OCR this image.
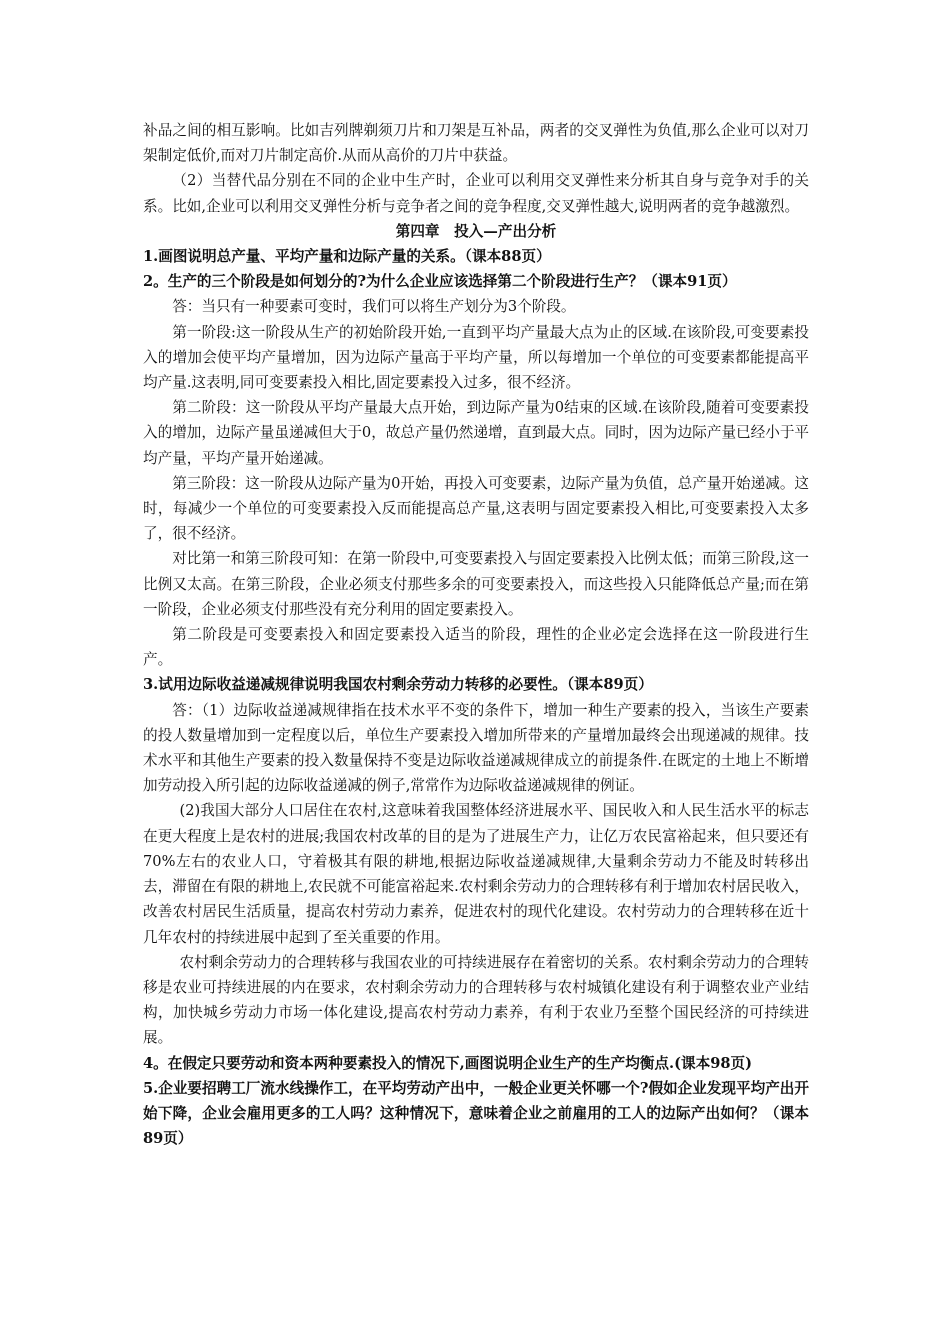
补品之间的相互影响。比如吉列牌剃须刀片和刀架是互补品，两者的交叉弹性为负值,那么企业可以对刀架制定低价,而对刀片制定高价.从而从高价的刀片中获益。

（2）当替代品分别在不同的企业中生产时，企业可以利用交叉弹性来分析其自身与竞争对手的关系。比如,企业可以利用交叉弹性分析与竞争者之间的竞争程度,交叉弹性越大,说明两者的竞争越激烈。

第四章　投入—产出分析

1.画图说明总产量、平均产量和边际产量的关系。（课本88页）

2。生产的三个阶段是如何划分的?为什么企业应该选择第二个阶段进行生产？（课本91页）

答：当只有一种要素可变时，我们可以将生产划分为3个阶段。

第一阶段:这一阶段从生产的初始阶段开始,一直到平均产量最大点为止的区域.在该阶段,可变要素投入的增加会使平均产量增加，因为边际产量高于平均产量，所以每增加一个单位的可变要素都能提高平均产量.这表明,同可变要素投入相比,固定要素投入过多，很不经济。

第二阶段：这一阶段从平均产量最大点开始，到边际产量为0结束的区域.在该阶段,随着可变要素投入的增加，边际产量虽递减但大于0，故总产量仍然递增，直到最大点。同时，因为边际产量已经小于平均产量，平均产量开始递减。

第三阶段：这一阶段从边际产量为0开始，再投入可变要素，边际产量为负值，总产量开始递减。这时，每减少一个单位的可变要素投入反而能提高总产量,这表明与固定要素投入相比,可变要素投入太多了，很不经济。

对比第一和第三阶段可知：在第一阶段中,可变要素投入与固定要素投入比例太低；而第三阶段,这一比例又太高。在第三阶段，企业必须支付那些多余的可变要素投入，而这些投入只能降低总产量;而在第一阶段，企业必须支付那些没有充分利用的固定要素投入。

第二阶段是可变要素投入和固定要素投入适当的阶段，理性的企业必定会选择在这一阶段进行生产。

3.试用边际收益递减规律说明我国农村剩余劳动力转移的必要性。（课本89页）

答：（1）边际收益递减规律指在技术水平不变的条件下，增加一种生产要素的投入，当该生产要素的投人数量增加到一定程度以后，单位生产要素投入增加所带来的产量增加最终会出现递减的规律。技术水平和其他生产要素的投入数量保持不变是边际收益递减规律成立的前提条件.在既定的土地上不断增加劳动投入所引起的边际收益递减的例子,常常作为边际收益递减规律的例证。

(2)我国大部分人口居住在农村,这意味着我国整体经济进展水平、国民收入和人民生活水平的标志在更大程度上是农村的进展;我国农村改革的目的是为了进展生产力，让亿万农民富裕起来，但只要还有70%左右的农业人口，守着极其有限的耕地,根据边际收益递减规律,大量剩余劳动力不能及时转移出去，滞留在有限的耕地上,农民就不可能富裕起来.农村剩余劳动力的合理转移有利于增加农村居民收入，改善农村居民生活质量，提高农村劳动力素养，促进农村的现代化建设。农村劳动力的合理转移在近十几年农村的持续进展中起到了至关重要的作用。

农村剩余劳动力的合理转移与我国农业的可持续进展存在着密切的关系。农村剩余劳动力的合理转移是农业可持续进展的内在要求，农村剩余劳动力的合理转移与农村城镇化建设有利于调整农业产业结构，加快城乡劳动力市场一体化建设,提高农村劳动力素养，有利于农业乃至整个国民经济的可持续进展。

4。在假定只要劳动和资本两种要素投入的情况下,画图说明企业生产的生产均衡点.(课本98页)

5.企业要招聘工厂流水线操作工，在平均劳动产出中，一般企业更关怀哪一个?假如企业发现平均产出开始下降，企业会雇用更多的工人吗？这种情况下，意味着企业之前雇用的工人的边际产出如何？（课本89页）
